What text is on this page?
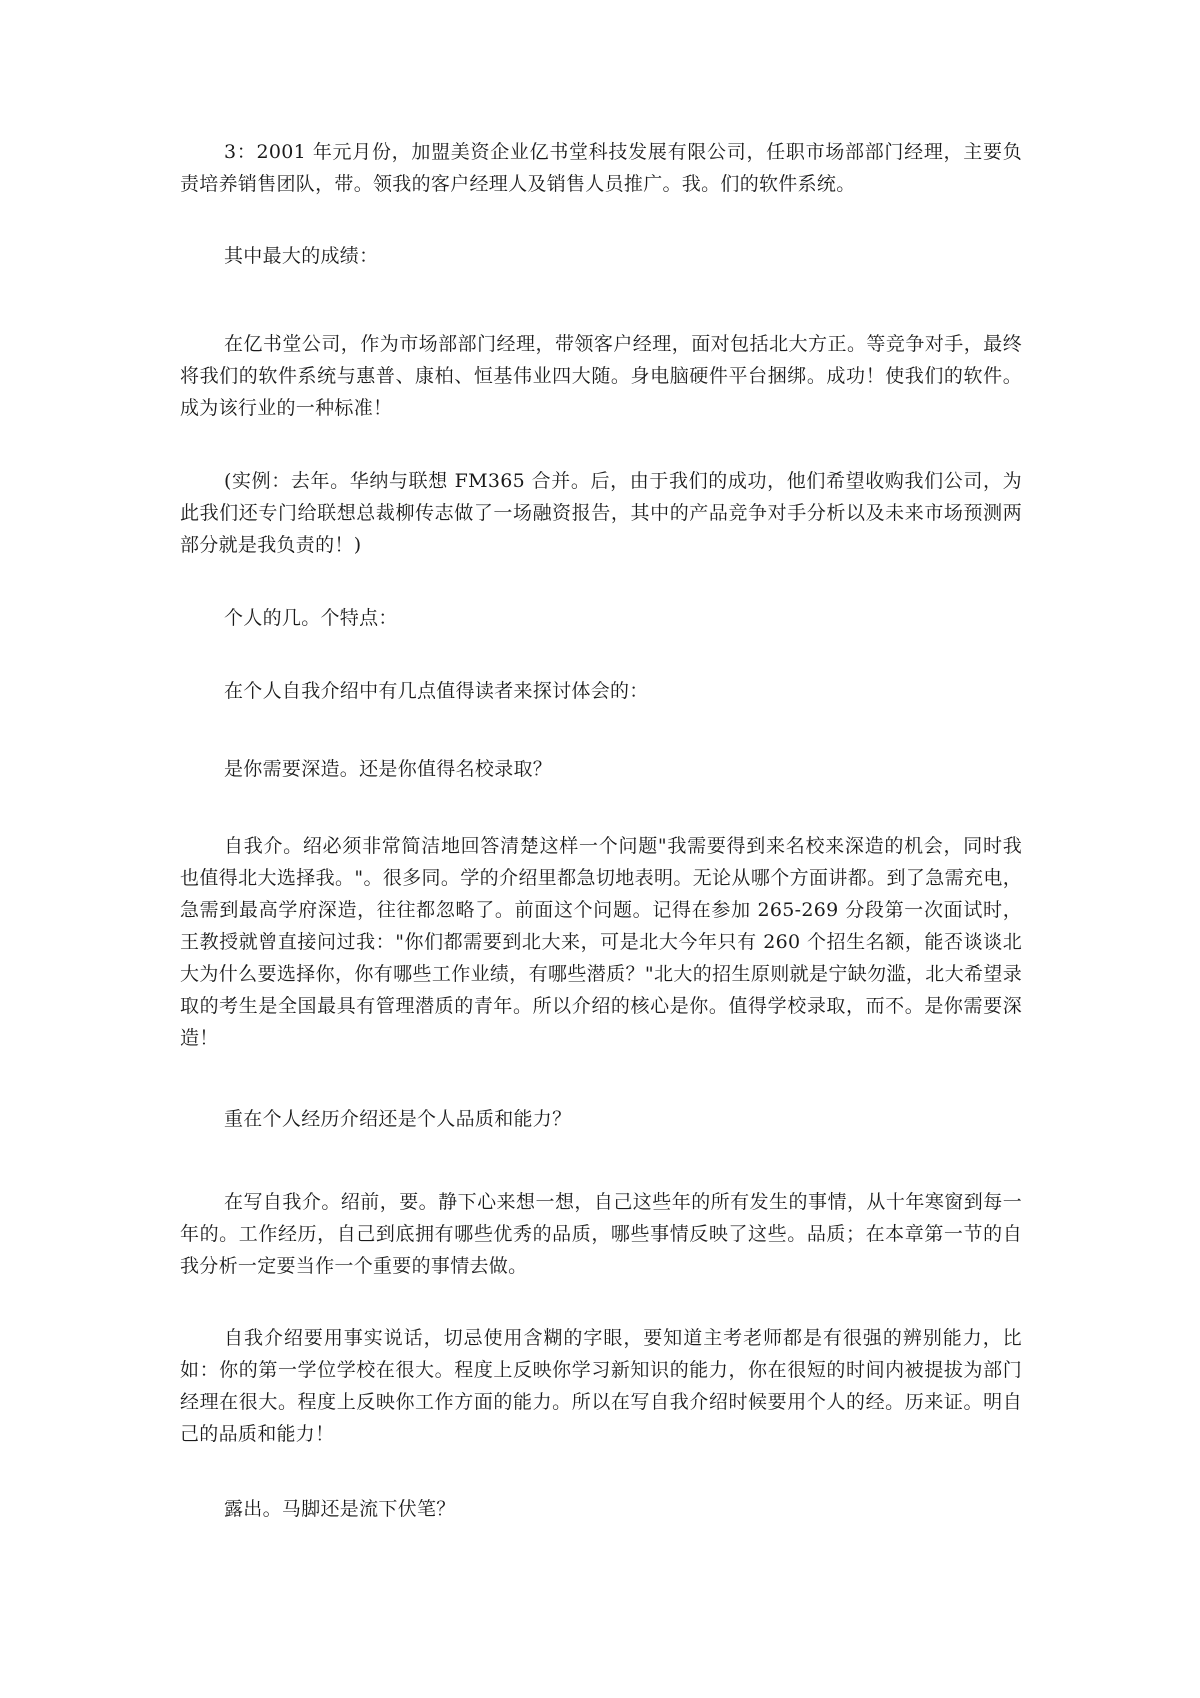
3：2001 年元月份，加盟美资企业亿书堂科技发展有限公司，任职市场部部门经理，主要负责培养销售团队，带。领我的客户经理人及销售人员推广。我。们的软件系统。

其中最大的成绩：

在亿书堂公司，作为市场部部门经理，带领客户经理，面对包括北大方正。等竞争对手，最终将我们的软件系统与惠普、康柏、恒基伟业四大随。身电脑硬件平台捆绑。成功！使我们的软件。成为该行业的一种标准！

(实例：去年。华纳与联想 FM365 合并。后，由于我们的成功，他们希望收购我们公司，为此我们还专门给联想总裁柳传志做了一场融资报告，其中的产品竞争对手分析以及未来市场预测两部分就是我负责的！)

个人的几。个特点：

在个人自我介绍中有几点值得读者来探讨体会的：

是你需要深造。还是你值得名校录取？

自我介。绍必须非常简洁地回答清楚这样一个问题"我需要得到来名校来深造的机会，同时我也值得北大选择我。"。很多同。学的介绍里都急切地表明。无论从哪个方面讲都。到了急需充电，急需到最高学府深造，往往都忽略了。前面这个问题。记得在参加 265-269 分段第一次面试时，王教授就曾直接问过我："你们都需要到北大来，可是北大今年只有 260 个招生名额，能否谈谈北大为什么要选择你，你有哪些工作业绩，有哪些潜质？"北大的招生原则就是宁缺勿滥，北大希望录取的考生是全国最具有管理潜质的青年。所以介绍的核心是你。值得学校录取，而不。是你需要深造！

重在个人经历介绍还是个人品质和能力？

在写自我介。绍前，要。静下心来想一想，自己这些年的所有发生的事情，从十年寒窗到每一年的。工作经历，自己到底拥有哪些优秀的品质，哪些事情反映了这些。品质；在本章第一节的自我分析一定要当作一个重要的事情去做。

自我介绍要用事实说话，切忌使用含糊的字眼，要知道主考老师都是有很强的辨别能力，比如：你的第一学位学校在很大。程度上反映你学习新知识的能力，你在很短的时间内被提拔为部门经理在很大。程度上反映你工作方面的能力。所以在写自我介绍时候要用个人的经。历来证。明自己的品质和能力！

露出。马脚还是流下伏笔？
